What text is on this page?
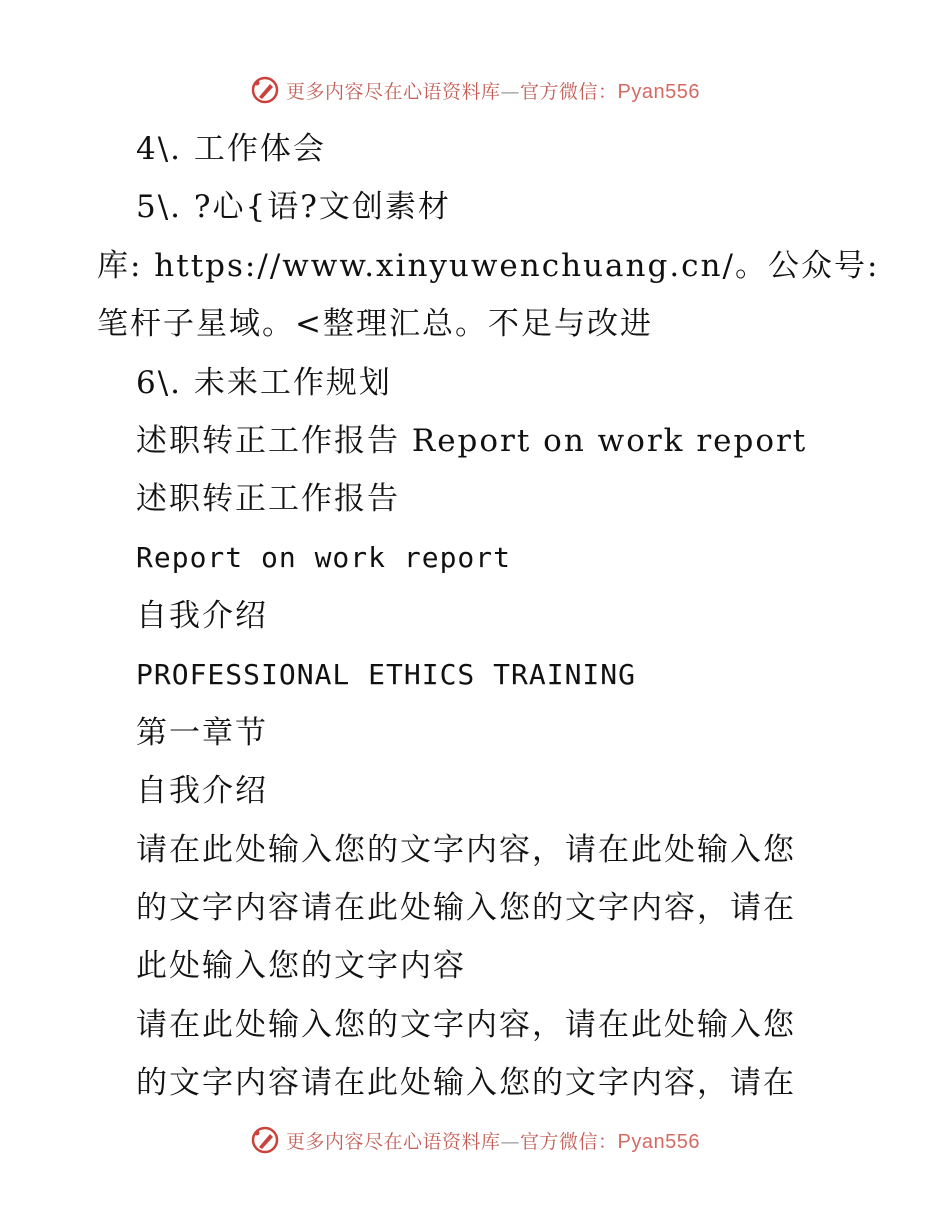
更多内容尽在心语资料库—官方微信：Pyan556
4\. 工作体会
5\. ?心{语?文创素材
库: https://www.xinyuwenchuang.cn/。公众号:
笔杆子星域。<整理汇总。不足与改进
6\. 未来工作规划
述职转正工作报告 Report on work report
述职转正工作报告
Report on work report
自我介绍
PROFESSIONAL ETHICS TRAINING
第一章节
自我介绍
请在此处输入您的文字内容，请在此处输入您
的文字内容请在此处输入您的文字内容，请在
此处输入您的文字内容
请在此处输入您的文字内容，请在此处输入您
的文字内容请在此处输入您的文字内容，请在
更多内容尽在心语资料库—官方微信：Pyan556
